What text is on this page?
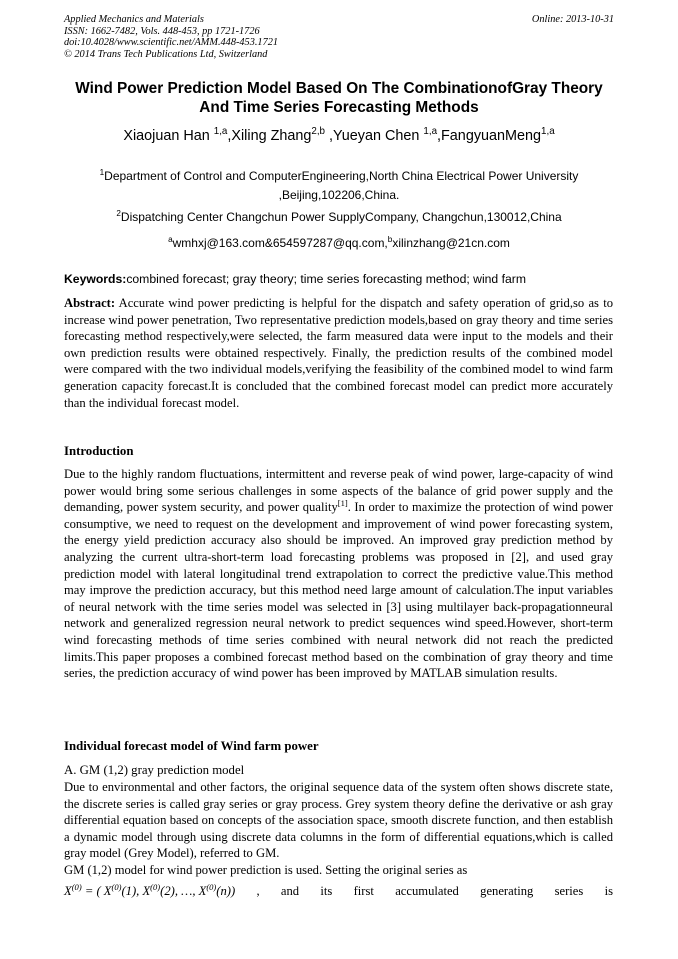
Applied Mechanics and Materials
ISSN: 1662-7482, Vols. 448-453, pp 1721-1726
doi:10.4028/www.scientific.net/AMM.448-453.1721
© 2014 Trans Tech Publications Ltd, Switzerland
Online: 2013-10-31
Wind Power Prediction Model Based On The CombinationofGray Theory
And Time Series Forecasting Methods
Xiaojuan Han $^{1,a}$,Xiling Zhang$^{2,b}$ ,Yueyan Chen $^{1,a}$,FangyuanMeng$^{1,a}$
$^1$Department of Control and ComputerEngineering,North China Electrical Power University
,Beijing,102206,China.
$^2$Dispatching Center Changchun Power SupplyCompany, Changchun,130012,China
$^a$wmhxj@163.com&654597287@qq.com,$^b$xilinzhang@21cn.com
Keywords:combined forecast; gray theory; time series forecasting method; wind farm
Abstract: Accurate wind power predicting is helpful for the dispatch and safety operation of grid,so as to increase wind power penetration, Two representative prediction models,based on gray theory and time series forecasting method respectively,were selected, the farm measured data were input to the models and their own prediction results were obtained respectively. Finally, the prediction results of the combined model were compared with the two individual models,verifying the feasibility of the combined model to wind farm generation capacity forecast.It is concluded that the combined forecast model can predict more accurately than the individual forecast model.
Introduction
Due to the highly random fluctuations, intermittent and reverse peak of wind power, large-capacity of wind power would bring some serious challenges in some aspects of the balance of grid power supply and the demanding, power system security, and power quality[1]. In order to maximize the protection of wind power consumptive, we need to request on the development and improvement of wind power forecasting system, the energy yield prediction accuracy also should be improved. An improved gray prediction method by analyzing the current ultra-short-term load forecasting problems was proposed in [2], and used gray prediction model with lateral longitudinal trend extrapolation to correct the predictive value.This method may improve the prediction accuracy, but this method need large amount of calculation.The input variables of neural network with the time series model was selected in [3] using multilayer back-propagationneural network and generalized regression neural network to predict sequences wind speed.However, short-term wind forecasting methods of time series combined with neural network did not reach the predicted limits.This paper proposes a combined forecast method based on the combination of gray theory and time series, the prediction accuracy of wind power has been improved by MATLAB simulation results.
Individual forecast model of Wind farm power
A. GM (1,2) gray prediction model
Due to environmental and other factors, the original sequence data of the system often shows discrete state, the discrete series is called gray series or gray process. Grey system theory define the derivative or ash gray differential equation based on concepts of the association space, smooth discrete function, and then establish a dynamic model through using discrete data columns in the form of differential equations,which is called gray model (Grey Model), referred to GM.
GM (1,2) model for wind power prediction is used. Setting the original series as
$X^{(0)}$ = ( $X^{(0)}(1)$, $X^{(0)}(2)$, …, $X^{(0)}(n)$) , and its first accumulated generating series is
